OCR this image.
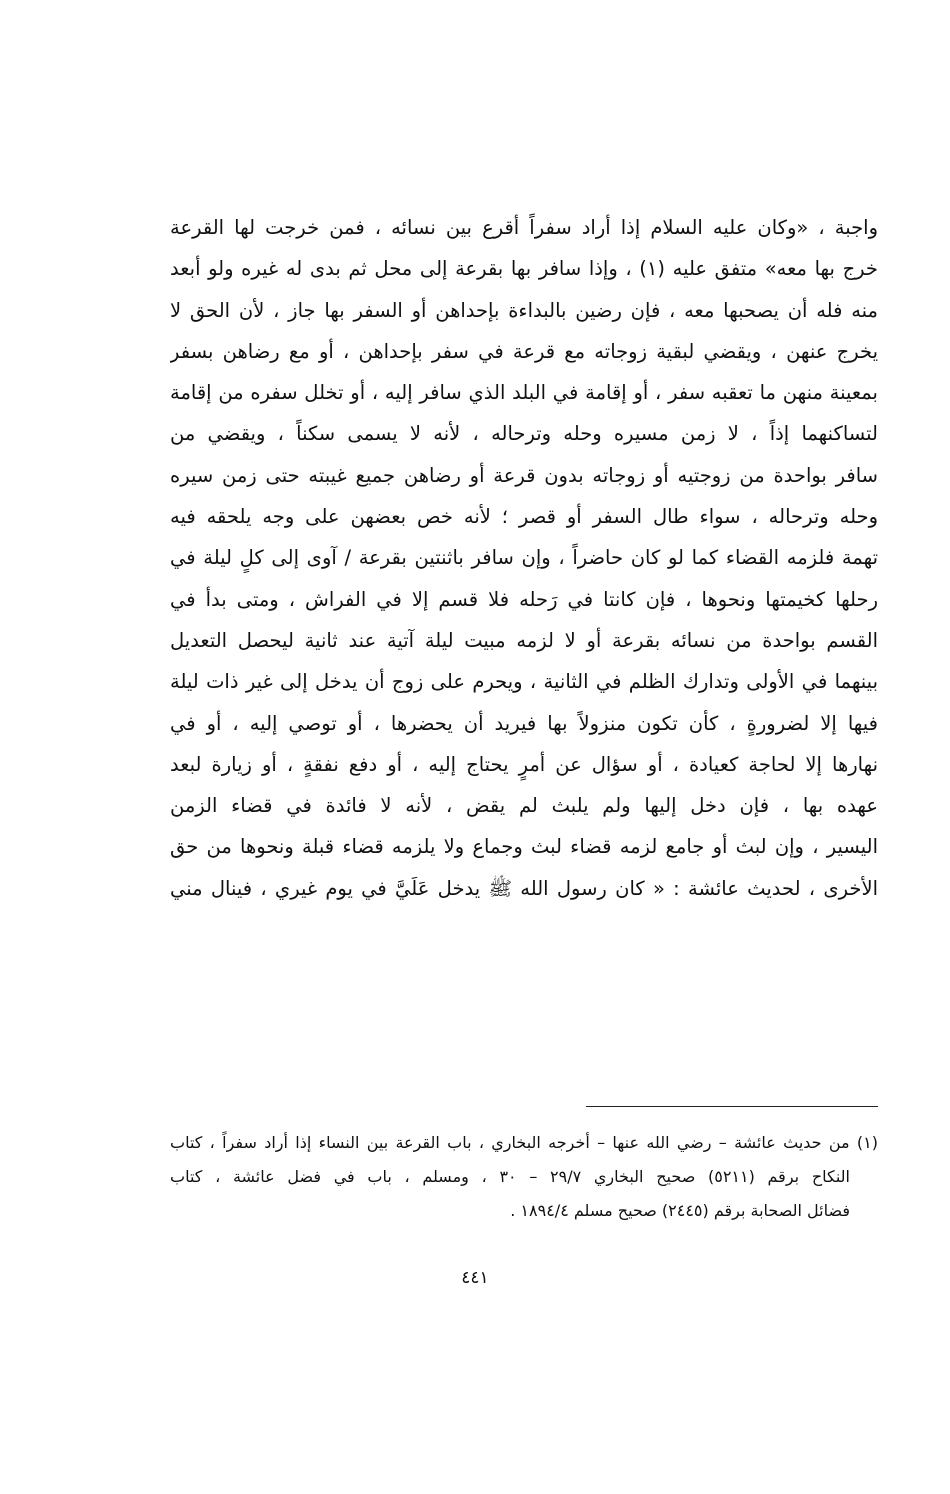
واجبة ، «وكان عليه السلام إذا أراد سفراً أقرع بين نسائه ، فمن خرجت لها القرعة
خرج بها معه» متفق عليه (١) ، وإذا سافر بها بقرعة إلى محل ثم بدى له غيره ولو أبعد
منه فله أن يصحبها معه ، فإن رضين بالبداءة بإحداهن أو السفر بها جاز ، لأن الحق لا
يخرج عنهن ، ويقضي لبقية زوجاته مع قرعة في سفر بإحداهن ، أو مع رضاهن بسفر
بمعينة منهن ما تعقبه سفر ، أو إقامة في البلد الذي سافر إليه ، أو تخلل سفره من إقامة
لتساكنهما إذاً ، لا زمن مسيره وحله وترحاله ، لأنه لا يسمى سكناً ، ويقضي من
سافر بواحدة من زوجتيه أو زوجاته بدون قرعة أو رضاهن جميع غيبته حتى زمن سيره
وحله وترحاله ، سواء طال السفر أو قصر ؛ لأنه خص بعضهن على وجه يلحقه فيه
تهمة فلزمه القضاء كما لو كان حاضراً ، وإن سافر باثنتين بقرعة / آوى إلى كلٍ ليلة في
رحلها كخيمتها ونحوها ، فإن كانتا في رَحله فلا قسم إلا في الفراش ، ومتى بدأ في
القسم بواحدة من نسائه بقرعة أو لا لزمه مبيت ليلة آتية عند ثانية ليحصل التعديل
بينهما في الأولى وتدارك الظلم في الثانية ، ويحرم على زوج أن يدخل إلى غير ذات ليلة
فيها إلا لضرورةٍ ، كأن تكون منزولاً بها فيريد أن يحضرها ، أو توصي إليه ، أو في
نهارها إلا لحاجة كعيادة ، أو سؤال عن أمرٍ يحتاج إليه ، أو دفع نفقةٍ ، أو زيارة لبعد
عهده بها ، فإن دخل إليها ولم يلبث لم يقض ، لأنه لا فائدة في قضاء الزمن
اليسير ، وإن لبث أو جامع لزمه قضاء لبث وجماع ولا يلزمه قضاء قبلة ونحوها من حق
الأخرى ، لحديث عائشة : « كان رسول الله ﷺ يدخل عَلَيَّ في يوم غيري ، فينال مني
(١) من حديث عائشة – رضي الله عنها – أخرجه البخاري ، باب القرعة بين النساء إذا أراد سفراً ، كتاب
النكاح برقم (٥٢١١) صحيح البخاري ٢٩/٧ – ٣٠ ، ومسلم ، باب في فضل عائشة ، كتاب
فضائل الصحابة برقم (٢٤٤٥) صحيح مسلم ١٨٩٤/٤ .
٤٤١
